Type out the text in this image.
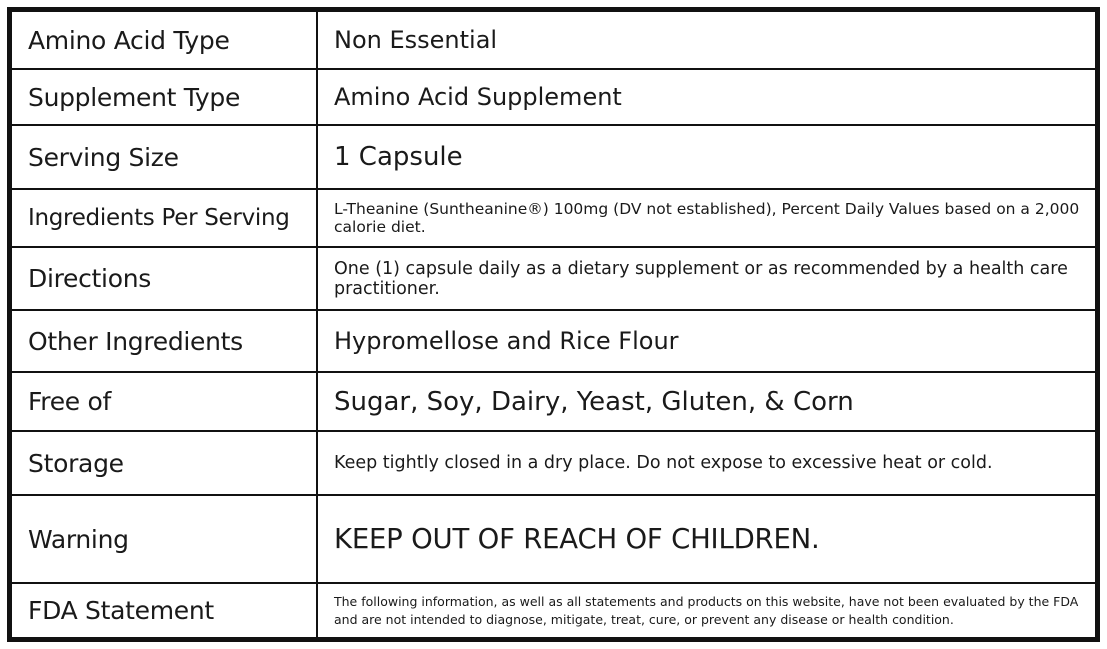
Amino Acid Type	Non Essential
Supplement Type	Amino Acid Supplement
Serving Size	1 Capsule
Ingredients Per Serving	L-Theanine (Suntheanine®) 100mg (DV not established), Percent Daily Values based on a 2,000 calorie diet.
Directions	One (1) capsule daily as a dietary supplement or as recommended by a health care practitioner.
Other Ingredients	Hypromellose and Rice Flour
Free of	Sugar, Soy, Dairy, Yeast, Gluten, & Corn
Storage	Keep tightly closed in a dry place. Do not expose to excessive heat or cold.
Warning	KEEP OUT OF REACH OF CHILDREN.
FDA Statement	The following information, as well as all statements and products on this website, have not been evaluated by the FDA and are not intended to diagnose, mitigate, treat, cure, or prevent any disease or health condition.
